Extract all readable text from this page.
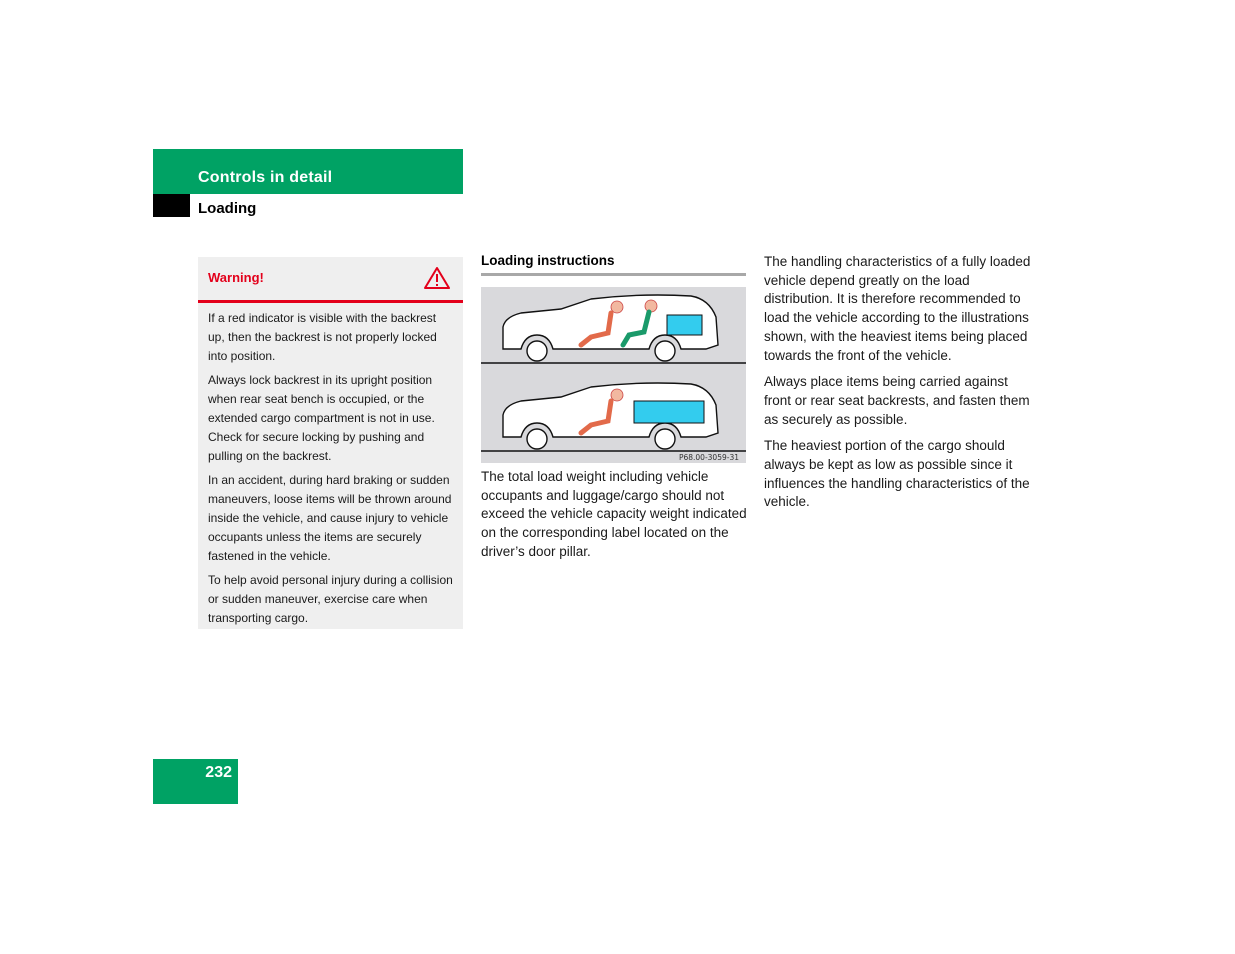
Controls in detail
Loading
Warning!

If a red indicator is visible with the backrest up, then the backrest is not properly locked into position.

Always lock backrest in its upright position when rear seat bench is occupied, or the extended cargo compartment is not in use. Check for secure locking by pushing and pulling on the backrest.

In an accident, during hard braking or sudden maneuvers, loose items will be thrown around inside the vehicle, and cause injury to vehicle occupants unless the items are securely fastened in the vehicle.

To help avoid personal injury during a collision or sudden maneuver, exercise care when transporting cargo.

Loading instructions
P68.00-3059-31

The total load weight including vehicle occupants and luggage/cargo should not exceed the vehicle capacity weight indicated on the corresponding label located on the driver’s door pillar.

The handling characteristics of a fully loaded vehicle depend greatly on the load distribution. It is therefore recommended to load the vehicle according to the illustrations shown, with the heaviest items being placed towards the front of the vehicle.

Always place items being carried against front or rear seat backrests, and fasten them as securely as possible.

The heaviest portion of the cargo should always be kept as low as possible since it influences the handling characteristics of the vehicle.

232
